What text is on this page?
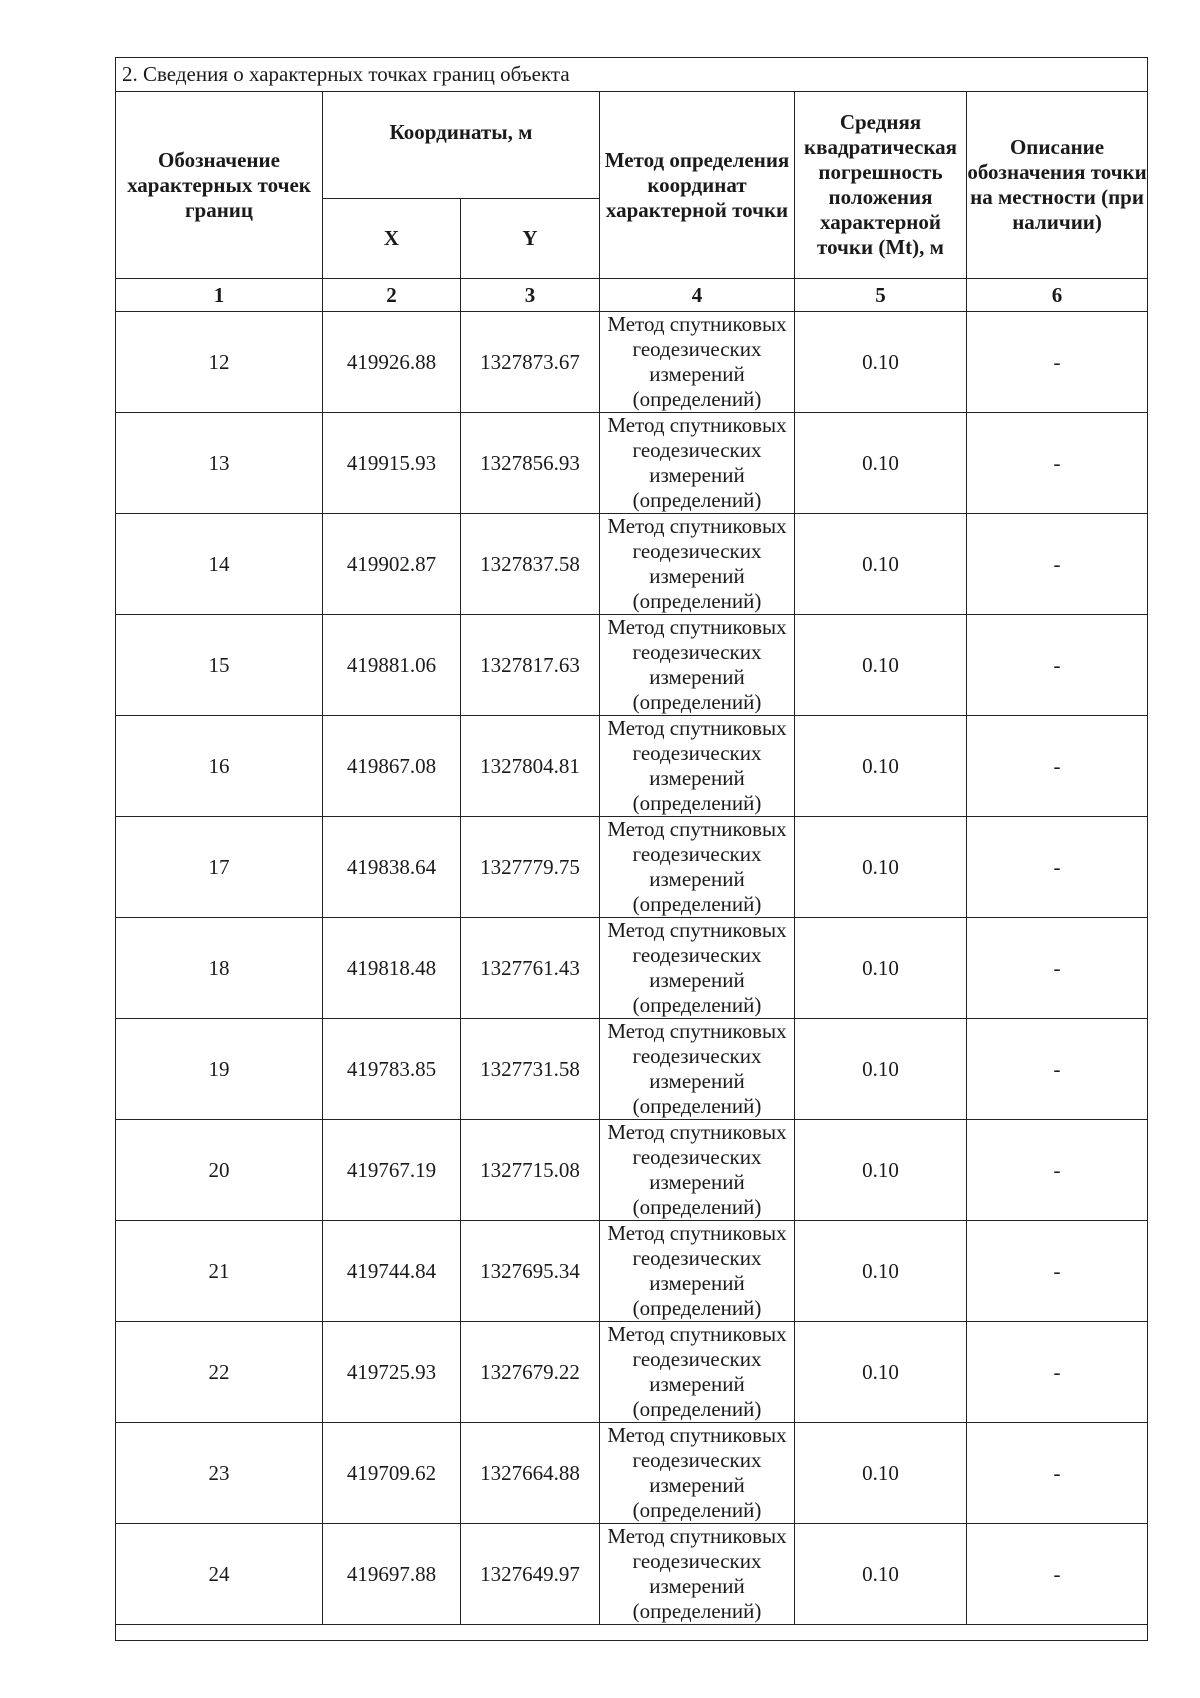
2. Сведения о характерных точках границ объекта					
Обозначение характерных точек границ	Координаты, м		Метод определения координат характерной точки	Средняя квадратическая погрешность положения характерной точки (Mt), м	Описание обозначения точки на местности (при наличии)
	X	Y			
1	2	3	4	5	6
12	419926.88	1327873.67	Метод спутниковых геодезических измерений (определений)	0.10	-
13	419915.93	1327856.93	Метод спутниковых геодезических измерений (определений)	0.10	-
14	419902.87	1327837.58	Метод спутниковых геодезических измерений (определений)	0.10	-
15	419881.06	1327817.63	Метод спутниковых геодезических измерений (определений)	0.10	-
16	419867.08	1327804.81	Метод спутниковых геодезических измерений (определений)	0.10	-
17	419838.64	1327779.75	Метод спутниковых геодезических измерений (определений)	0.10	-
18	419818.48	1327761.43	Метод спутниковых геодезических измерений (определений)	0.10	-
19	419783.85	1327731.58	Метод спутниковых геодезических измерений (определений)	0.10	-
20	419767.19	1327715.08	Метод спутниковых геодезических измерений (определений)	0.10	-
21	419744.84	1327695.34	Метод спутниковых геодезических измерений (определений)	0.10	-
22	419725.93	1327679.22	Метод спутниковых геодезических измерений (определений)	0.10	-
23	419709.62	1327664.88	Метод спутниковых геодезических измерений (определений)	0.10	-
24	419697.88	1327649.97	Метод спутниковых геодезических измерений (определений)	0.10	-
